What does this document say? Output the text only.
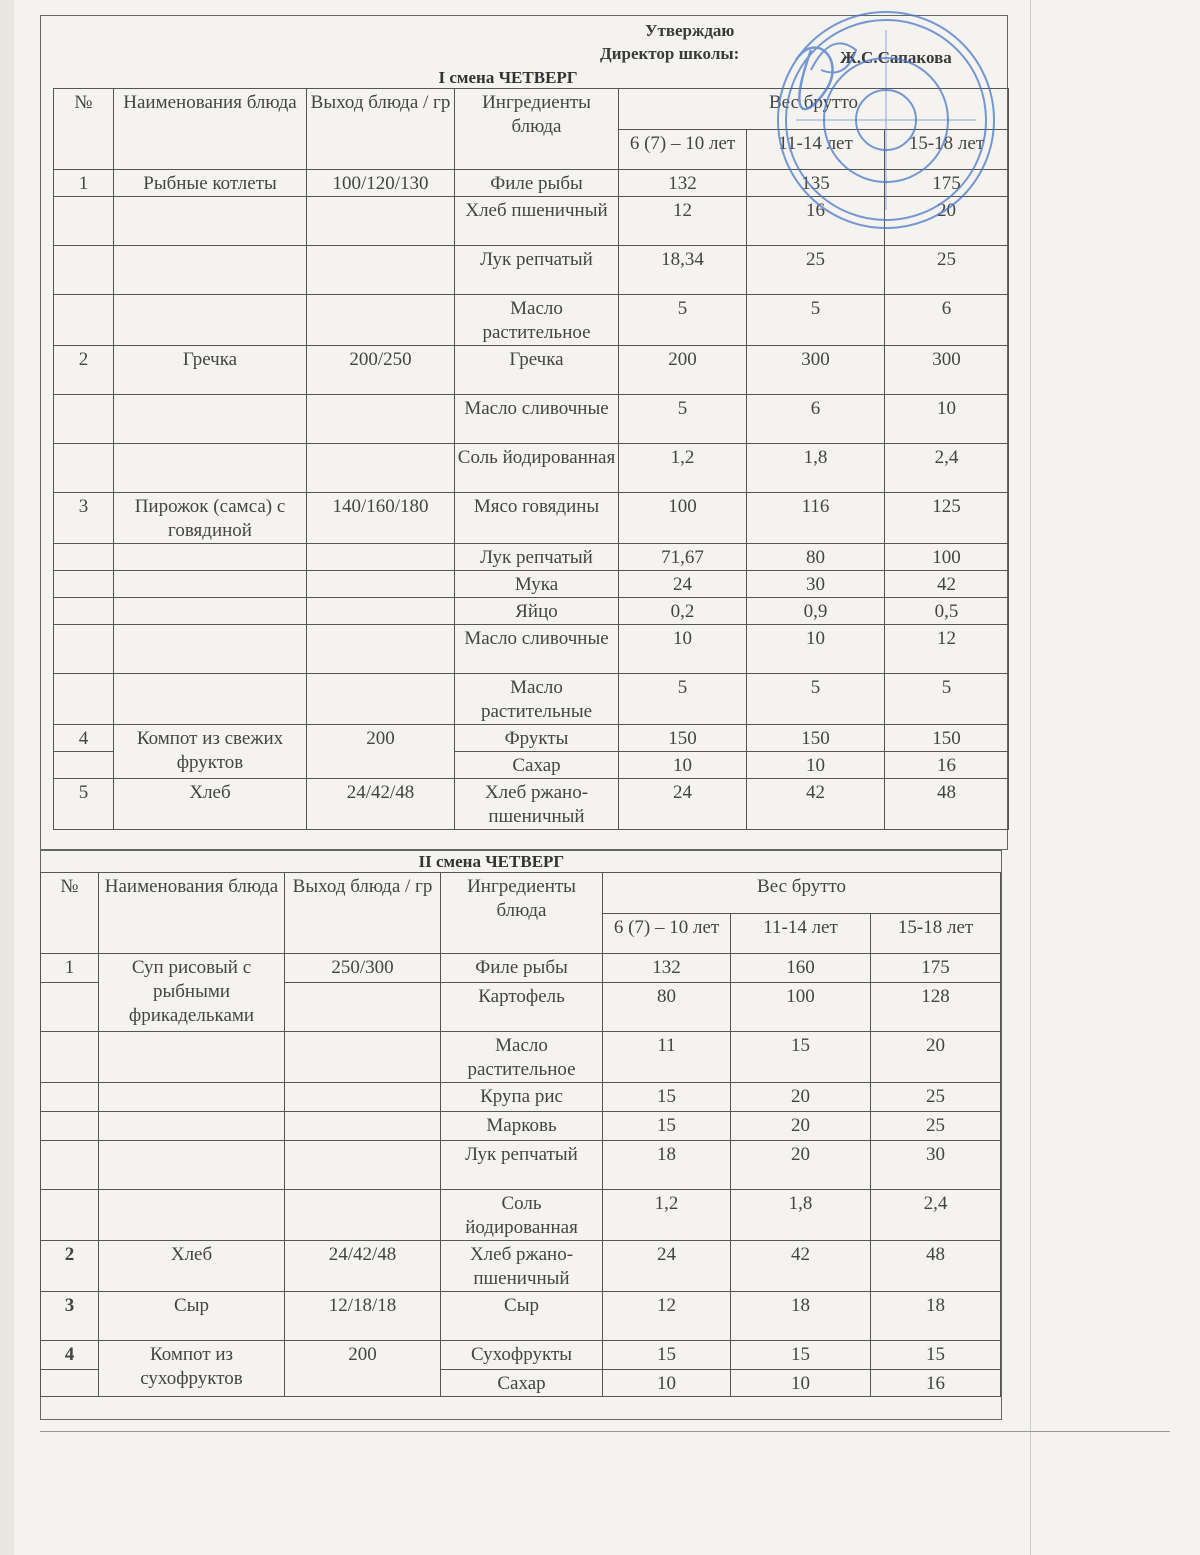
Утверждаю
Директор школы:	Ж.С.Сапакова
I смена ЧЕТВЕРГ						
№	Наименования блюда	Выход блюда / гр	Ингредиенты блюда	Вес брутто		
				6 (7) – 10 лет	11-14 лет	15-18 лет
1	Рыбные котлеты	100/120/130	Филе рыбы	132	135	175
			Хлеб пшеничный	12	16	20
			Лук репчатый	18,34	25	25
			Масло растительное	5	5	6
2	Гречка	200/250	Гречка	200	300	300
			Масло сливочные	5	6	10
			Соль йодированная	1,2	1,8	2,4
3	Пирожок (самса) с говядиной	140/160/180	Мясо говядины	100	116	125
			Лук репчатый	71,67	80	100
			Мука	24	30	42
			Яйцо	0,2	0,9	0,5
			Масло сливочные	10	10	12
			Масло растительные	5	5	5
4	Компот из свежих фруктов	200	Фрукты	150	150	150
			Сахар	10	10	16
5	Хлеб	24/42/48	Хлеб ржано-пшеничный	24	42	48
II смена ЧЕТВЕРГ						
№	Наименования блюда	Выход блюда / гр	Ингредиенты блюда	Вес брутто		
				6 (7) – 10 лет	11-14 лет	15-18 лет
1	Суп рисовый с рыбными фрикадельками	250/300	Филе рыбы	132	160	175
			Картофель	80	100	128
			Масло растительное	11	15	20
			Крупа рис	15	20	25
			Марковь	15	20	25
			Лук репчатый	18	20	30
			Соль йодированная	1,2	1,8	2,4
2	Хлеб	24/42/48	Хлеб ржано-пшеничный	24	42	48
3	Сыр	12/18/18	Сыр	12	18	18
4	Компот из сухофруктов	200	Сухофрукты	15	15	15
			Сахар	10	10	16
